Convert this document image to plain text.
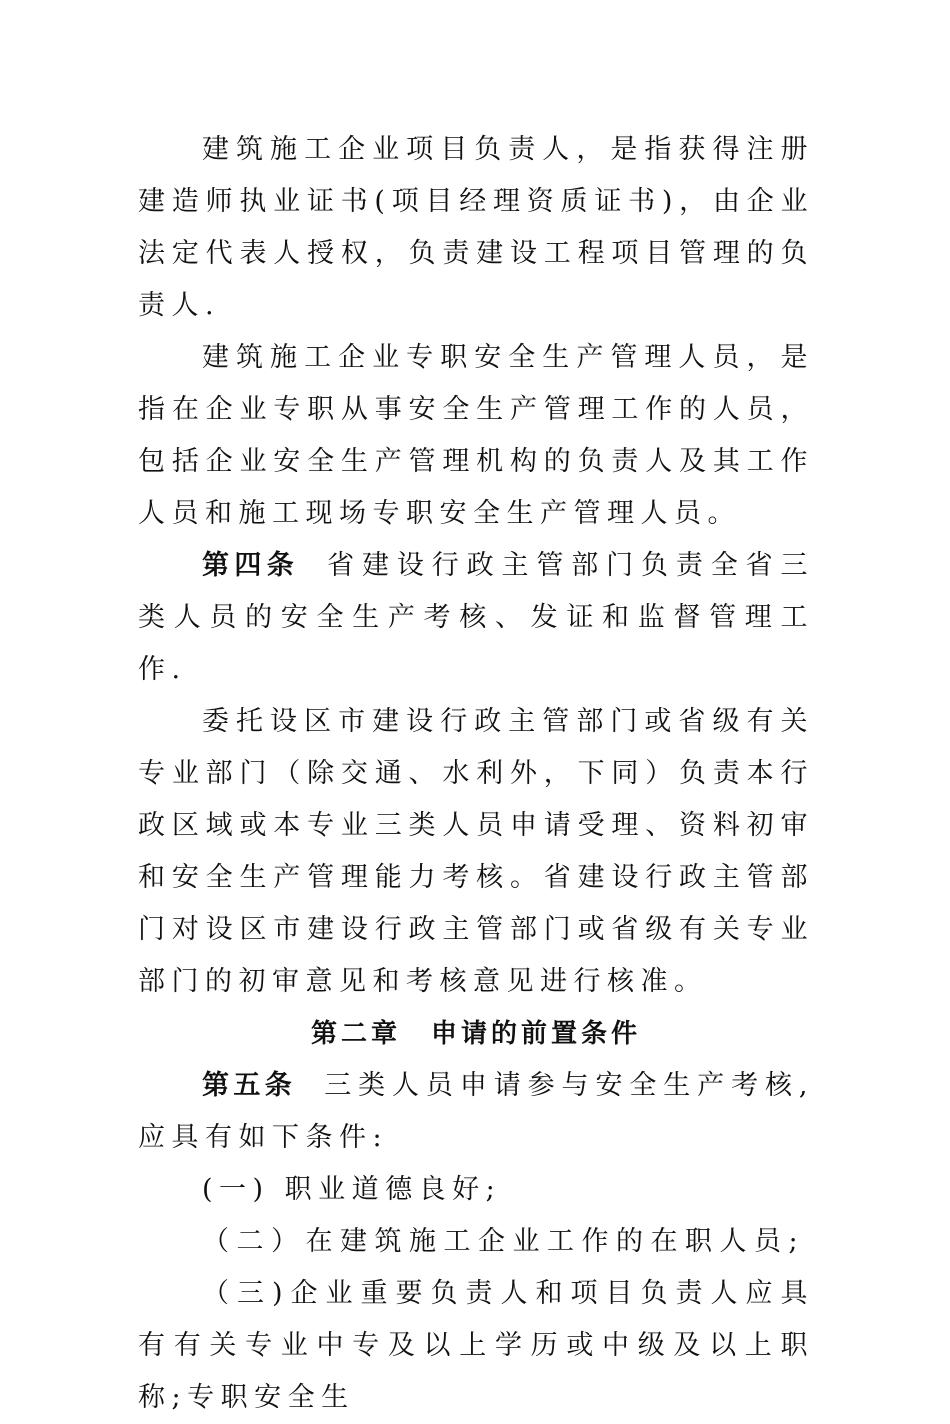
建筑施工企业项目负责人，是指获得注册建造师执业证书(项目经理资质证书)，由企业法定代表人授权，负责建设工程项目管理的负责人.

建筑施工企业专职安全生产管理人员，是指在企业专职从事安全生产管理工作的人员，包括企业安全生产管理机构的负责人及其工作人员和施工现场专职安全生产管理人员。

第四条 省建设行政主管部门负责全省三类人员的安全生产考核、发证和监督管理工作.

委托设区市建设行政主管部门或省级有关专业部门（除交通、水利外，下同）负责本行政区域或本专业三类人员申请受理、资料初审和安全生产管理能力考核。省建设行政主管部门对设区市建设行政主管部门或省级有关专业部门的初审意见和考核意见进行核准。

第二章 申请的前置条件

第五条 三类人员申请参与安全生产考核,应具有如下条件:

(一) 职业道德良好;

（二）在建筑施工企业工作的在职人员;

（三)企业重要负责人和项目负责人应具有有关专业中专及以上学历或中级及以上职称;专职安全生
